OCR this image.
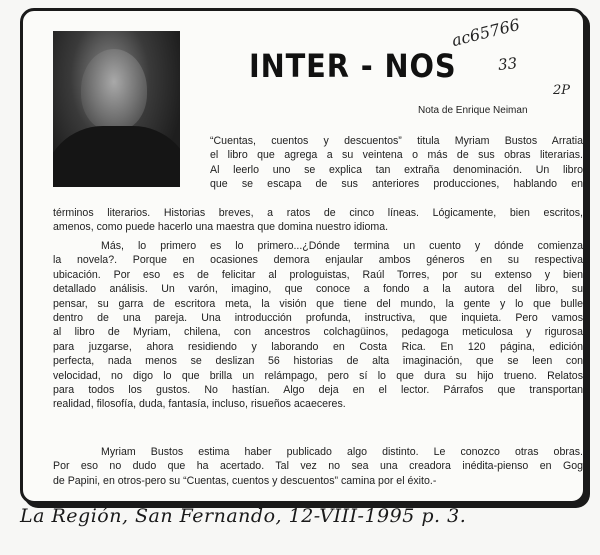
INTER - NOS
ac65766
33
2P
Nota de Enrique Neiman
“Cuentas, cuentos y descuentos” titula Myriam Bustos Arratia
el libro que agrega a su veintena o más de sus obras literarias.
Al leerlo uno se explica tan extraña denominación. Un libro
que se escapa de sus anteriores producciones, hablando en
términos literarios. Historias breves, a ratos de cinco líneas. Lógicamente, bien escritos,
amenos, como puede hacerlo una maestra que domina nuestro idioma.
Más, lo primero es lo primero...¿Dónde termina un cuento y dónde comienza
la novela?. Porque en ocasiones demora enjaular ambos géneros en su respectiva
ubicación. Por eso es de felicitar al prologuistas, Raúl Torres, por su extenso y bien
detallado análisis. Un varón, imagino, que conoce a fondo a la autora del libro, su
pensar, su garra de escritora meta, la visión que tiene del mundo, la gente y lo que bulle
dentro de una pareja. Una introducción profunda, instructiva, que inquieta. Pero vamos
al libro de Myriam, chilena, con ancestros colchagüinos, pedagoga meticulosa y rigurosa
para juzgarse, ahora residiendo y laborando en Costa Rica. En 120 página, edición
perfecta, nada menos se deslizan 56 historias de alta imaginación, que se leen con
velocidad, no digo lo que brilla un relámpago, pero sí lo que dura su hijo trueno. Relatos
para todos los gustos. No hastían. Algo deja en el lector. Párrafos que transportan
realidad, filosofía, duda, fantasía, incluso, risueños acaeceres.
Myriam Bustos estima haber publicado algo distinto. Le conozco otras obras.
Por eso no dudo que ha acertado. Tal vez no sea una creadora inédita-pienso en Gog
de Papini, en otros-pero su “Cuentas, cuentos y descuentos” camina por el éxito.-
La Región, San Fernando, 12-VIII-1995 p. 3.
